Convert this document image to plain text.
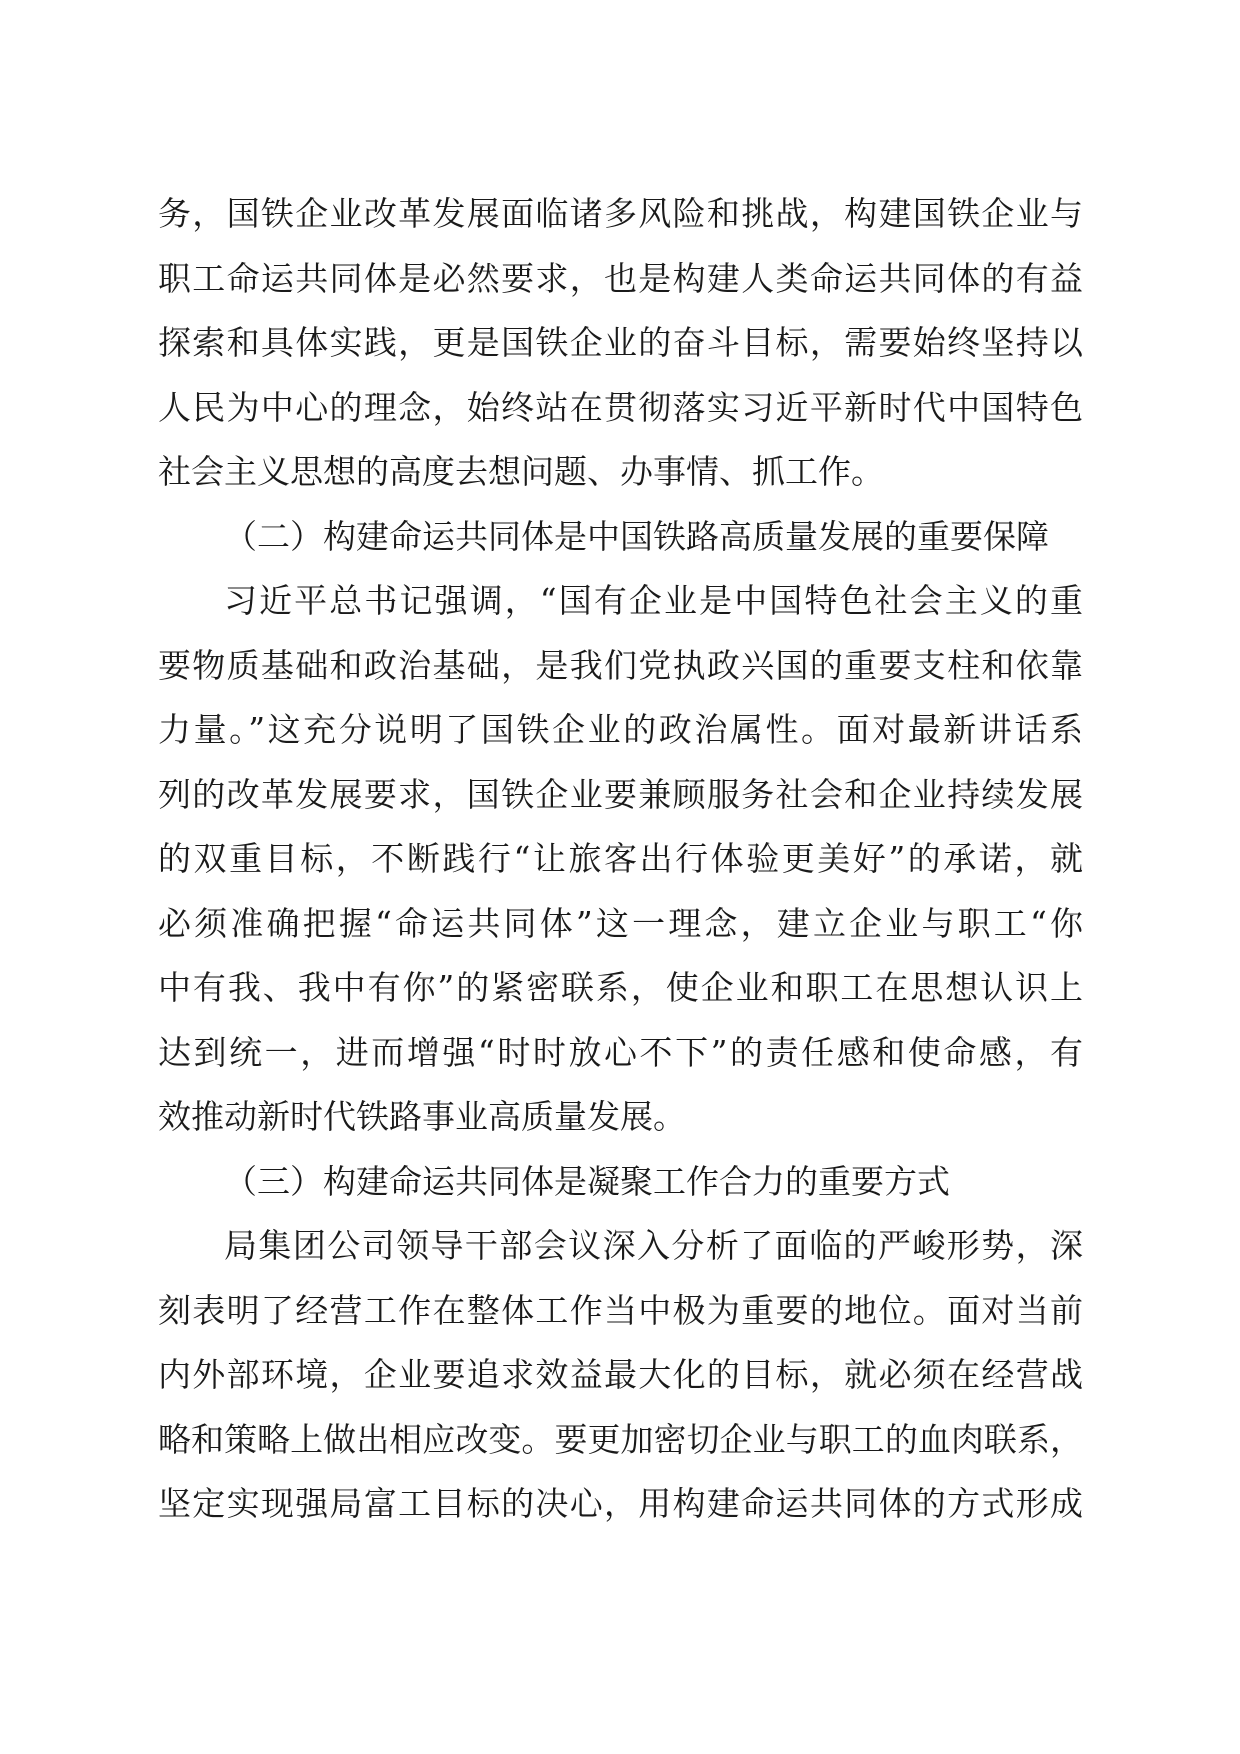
务，国铁企业改革发展面临诸多风险和挑战，构建国铁企业与
职工命运共同体是必然要求，也是构建人类命运共同体的有益
探索和具体实践，更是国铁企业的奋斗目标，需要始终坚持以
人民为中心的理念，始终站在贯彻落实习近平新时代中国特色
社会主义思想的高度去想问题、办事情、抓工作。
（二）构建命运共同体是中国铁路高质量发展的重要保障
习近平总书记强调，“国有企业是中国特色社会主义的重
要物质基础和政治基础，是我们党执政兴国的重要支柱和依靠
力量。”这充分说明了国铁企业的政治属性。面对最新讲话系
列的改革发展要求，国铁企业要兼顾服务社会和企业持续发展
的双重目标，不断践行“让旅客出行体验更美好”的承诺，就
必须准确把握“命运共同体”这一理念，建立企业与职工“你
中有我、我中有你”的紧密联系，使企业和职工在思想认识上
达到统一，进而增强“时时放心不下”的责任感和使命感，有
效推动新时代铁路事业高质量发展。
（三）构建命运共同体是凝聚工作合力的重要方式
局集团公司领导干部会议深入分析了面临的严峻形势，深
刻表明了经营工作在整体工作当中极为重要的地位。面对当前
内外部环境，企业要追求效益最大化的目标，就必须在经营战
略和策略上做出相应改变。要更加密切企业与职工的血肉联系，
坚定实现强局富工目标的决心，用构建命运共同体的方式形成
